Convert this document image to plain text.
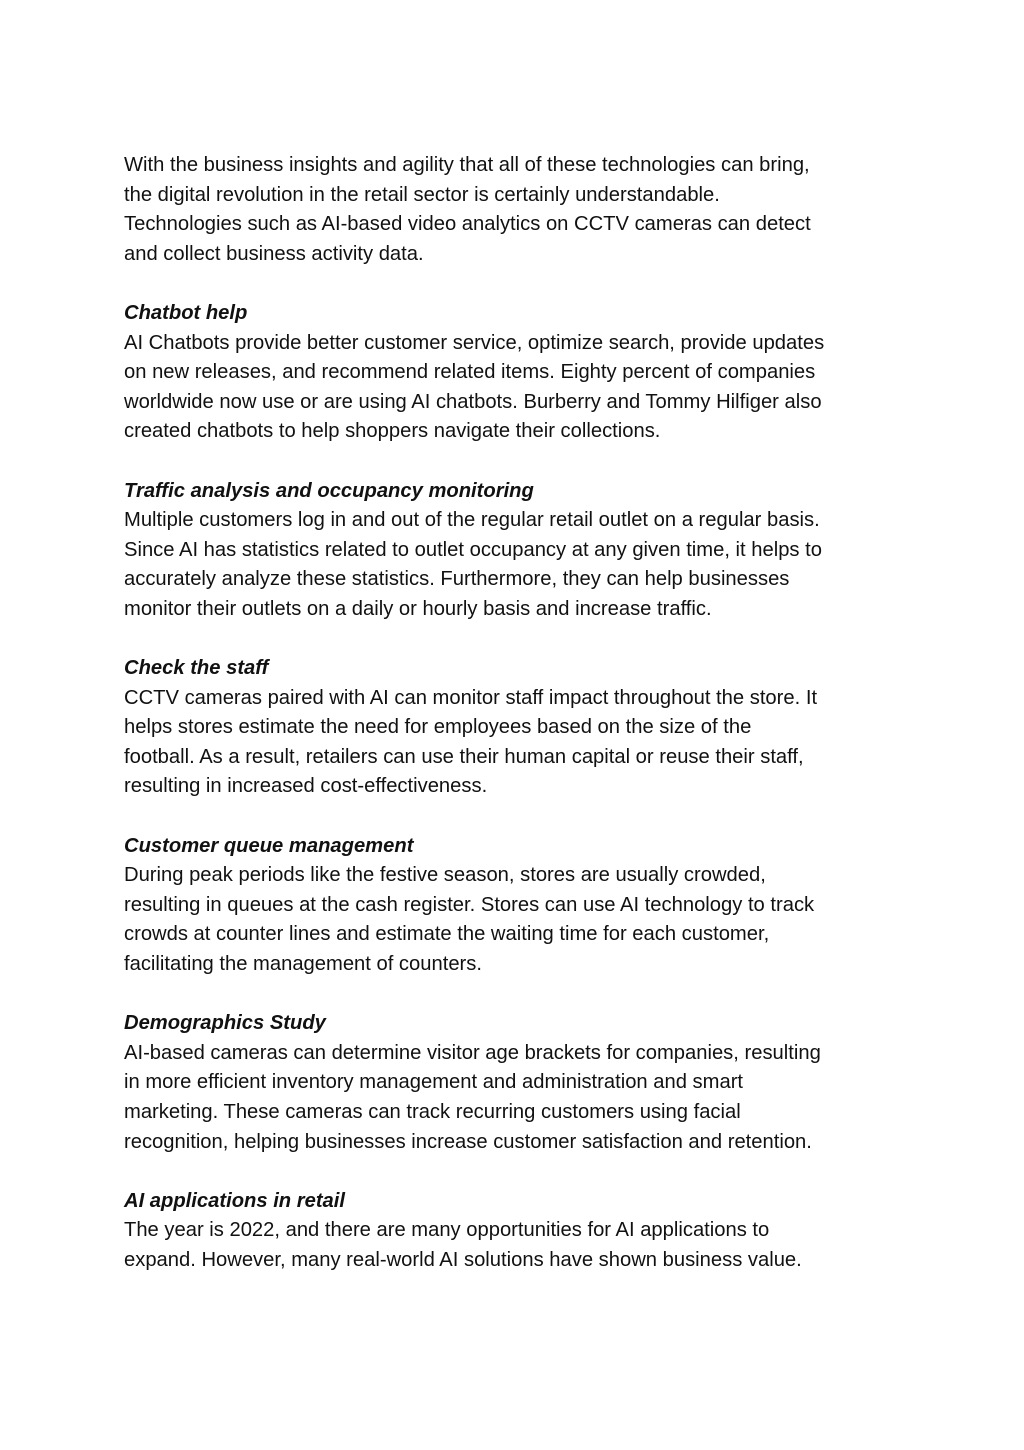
With the business insights and agility that all of these technologies can bring,
the digital revolution in the retail sector is certainly understandable.
Technologies such as AI-based video analytics on CCTV cameras can detect
and collect business activity data.
Chatbot help
AI Chatbots provide better customer service, optimize search, provide updates
on new releases, and recommend related items. Eighty percent of companies
worldwide now use or are using AI chatbots. Burberry and Tommy Hilfiger also
created chatbots to help shoppers navigate their collections.
Traffic analysis and occupancy monitoring
Multiple customers log in and out of the regular retail outlet on a regular basis.
Since AI has statistics related to outlet occupancy at any given time, it helps to
accurately analyze these statistics. Furthermore, they can help businesses
monitor their outlets on a daily or hourly basis and increase traffic.
Check the staff
CCTV cameras paired with AI can monitor staff impact throughout the store. It
helps stores estimate the need for employees based on the size of the
football. As a result, retailers can use their human capital or reuse their staff,
resulting in increased cost-effectiveness.
Customer queue management
During peak periods like the festive season, stores are usually crowded,
resulting in queues at the cash register. Stores can use AI technology to track
crowds at counter lines and estimate the waiting time for each customer,
facilitating the management of counters.
Demographics Study
AI-based cameras can determine visitor age brackets for companies, resulting
in more efficient inventory management and administration and smart
marketing. These cameras can track recurring customers using facial
recognition, helping businesses increase customer satisfaction and retention.
AI applications in retail
The year is 2022, and there are many opportunities for AI applications to
expand. However, many real-world AI solutions have shown business value.
